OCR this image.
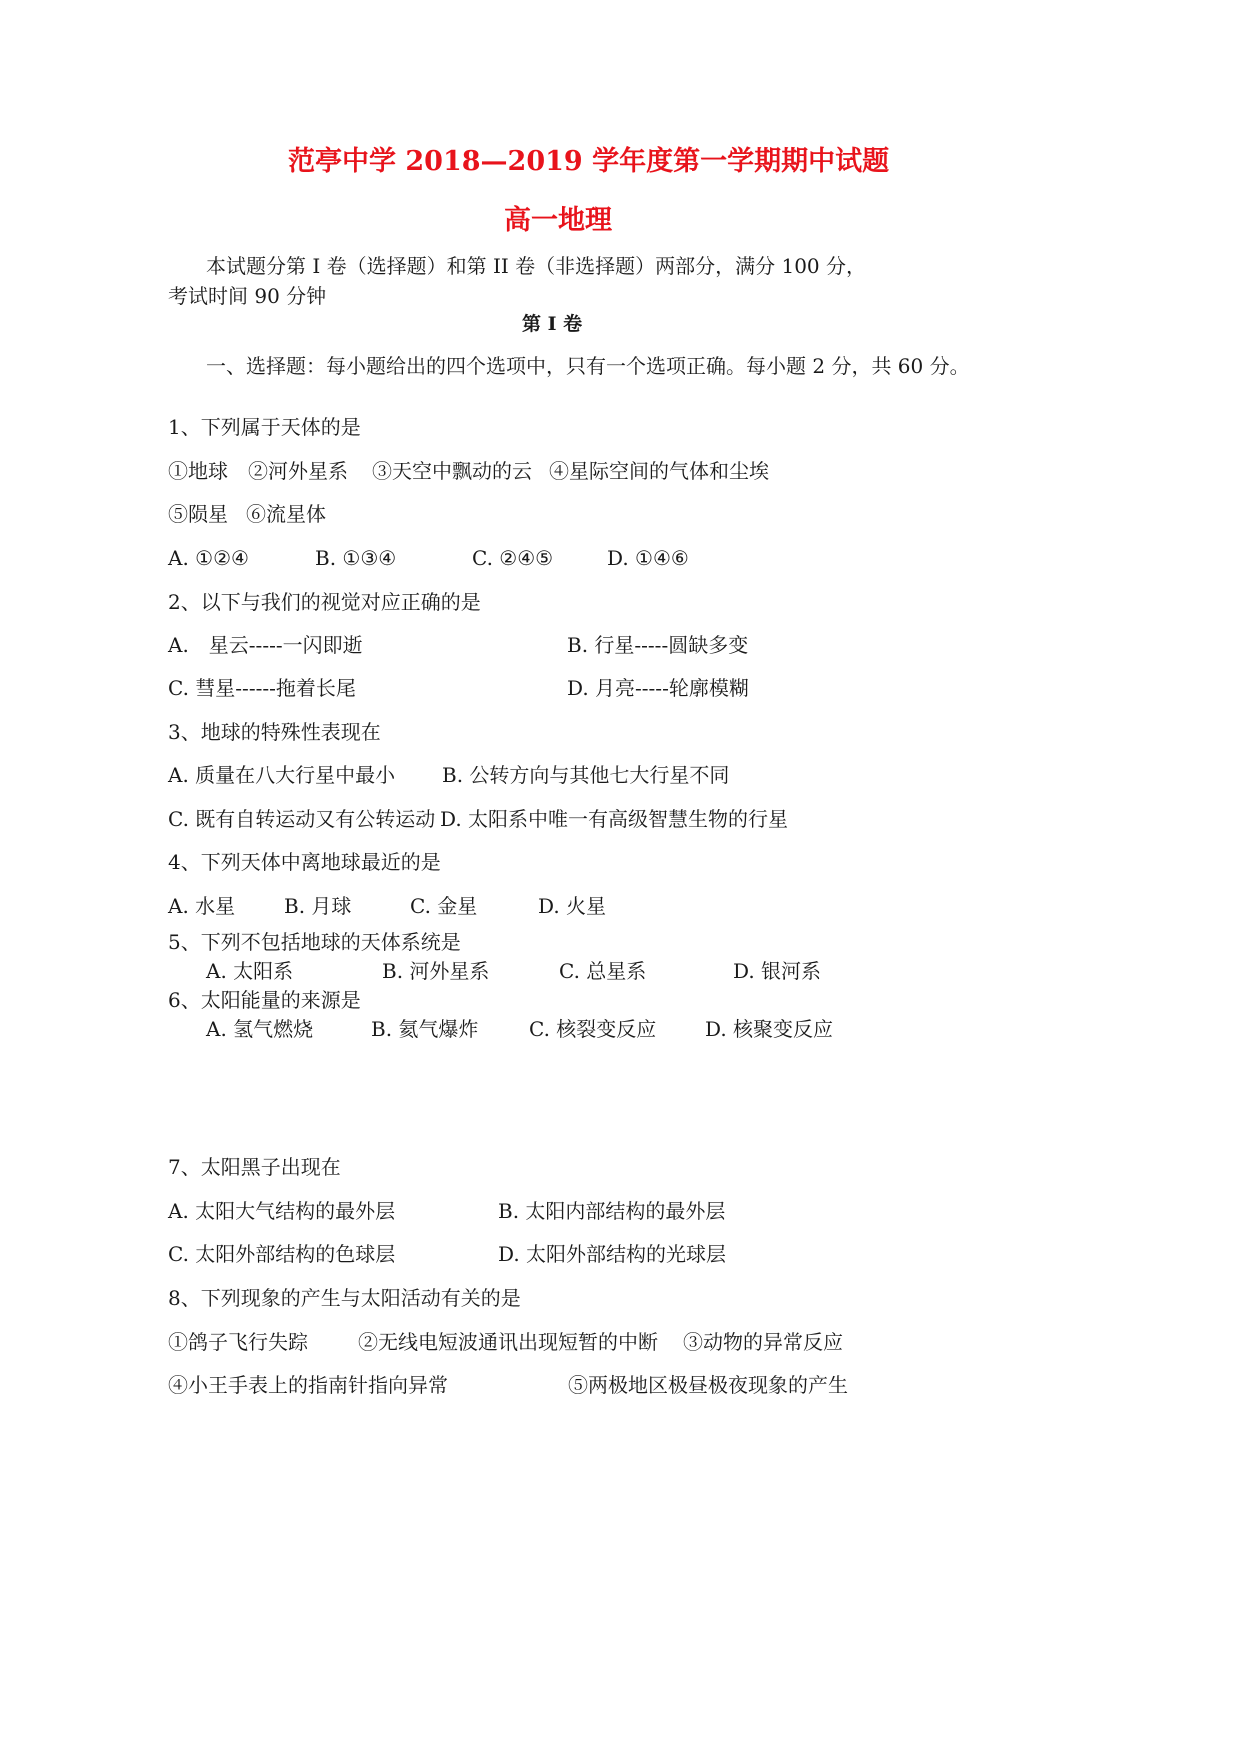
范亭中学 2018—2019 学年度第一学期期中试题
高一地理
本试题分第 I 卷（选择题）和第 II 卷（非选择题）两部分，满分 100 分，
考试时间 90 分钟
第 I 卷
一、选择题：每小题给出的四个选项中，只有一个选项正确。每小题 2 分，共 60 分。
1、下列属于天体的是
①地球 ②河外星系 ③天空中飘动的云 ④星际空间的气体和尘埃
⑤陨星 ⑥流星体
A. ①②④	B. ①③④	C. ②④⑤	D. ①④⑥
2、以下与我们的视觉对应正确的是
A.　星云-----一闪即逝	B. 行星-----圆缺多变
C. 彗星------拖着长尾	D. 月亮-----轮廓模糊
3、地球的特殊性表现在
A. 质量在八大行星中最小 B. 公转方向与其他七大行星不同
C. 既有自转运动又有公转运动 D. 太阳系中唯一有高级智慧生物的行星
4、下列天体中离地球最近的是
A. 水星 B. 月球	C. 金星	D. 火星
5、下列不包括地球的天体系统是
A. 太阳系	B. 河外星系	C. 总星系	D. 银河系
6、太阳能量的来源是
A. 氢气燃烧	B. 氦气爆炸	C. 核裂变反应 D. 核聚变反应
7、太阳黑子出现在
A. 太阳大气结构的最外层	B. 太阳内部结构的最外层
C. 太阳外部结构的色球层	D. 太阳外部结构的光球层
8、下列现象的产生与太阳活动有关的是
①鸽子飞行失踪	②无线电短波通讯出现短暂的中断 ③动物的异常反应
④小王手表上的指南针指向异常	⑤两极地区极昼极夜现象的产生
